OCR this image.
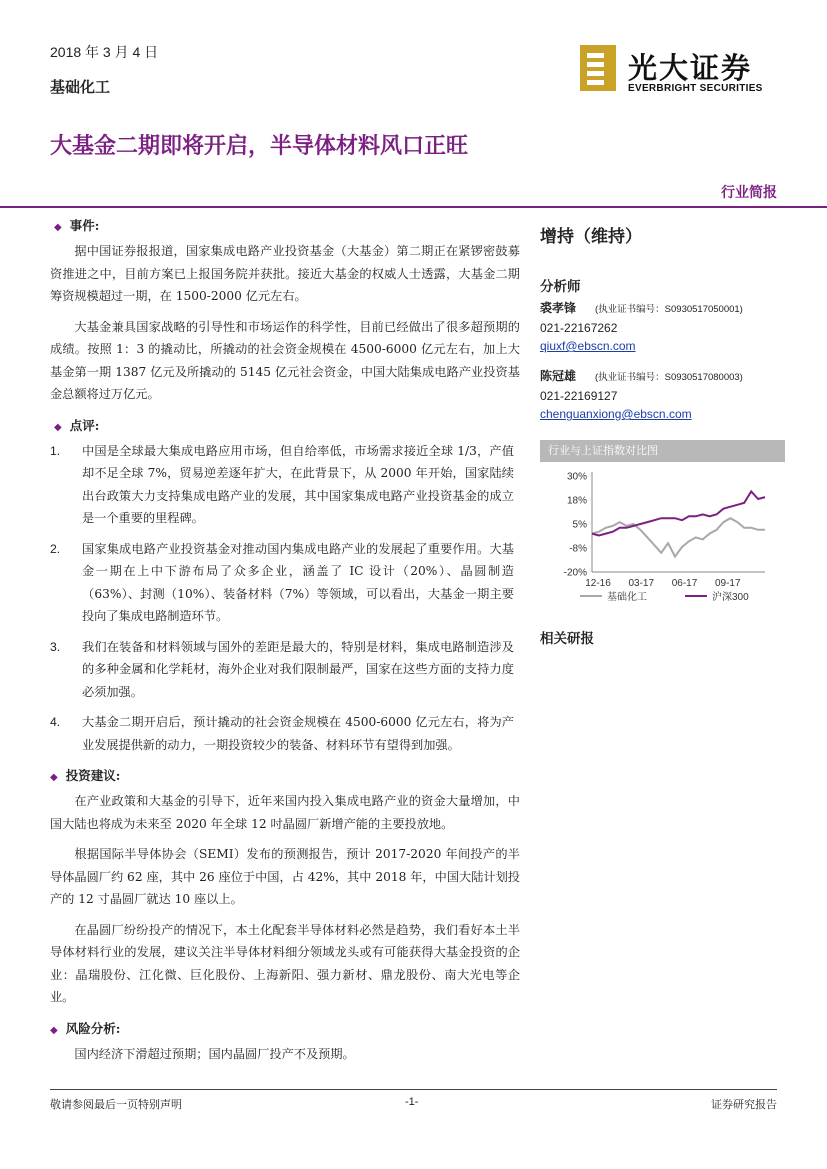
2018 年 3 月 4 日
基础化工
光大证券
EVERBRIGHT SECURITIES
大基金二期即将开启，半导体材料风口正旺
行业简报
◆ 事件:

据中国证券报报道，国家集成电路产业投资基金（大基金）第二期正在紧锣密鼓募资推进之中，目前方案已上报国务院并获批。接近大基金的权威人士透露，大基金二期筹资规模超过一期，在 1500-2000 亿元左右。

大基金兼具国家战略的引导性和市场运作的科学性，目前已经做出了很多超预期的成绩。按照 1：3 的撬动比，所撬动的社会资金规模在 4500-6000 亿元左右，加上大基金第一期 1387 亿元及所撬动的 5145 亿元社会资金，中国大陆集成电路产业投资基金总额将过万亿元。

◆ 点评:
1. 中国是全球最大集成电路应用市场，但自给率低，市场需求接近全球 1/3，产值却不足全球 7%，贸易逆差逐年扩大，在此背景下，从 2000 年开始，国家陆续出台政策大力支持集成电路产业的发展，其中国家集成电路产业投资基金的成立是一个重要的里程碑。
2. 国家集成电路产业投资基金对推动国内集成电路产业的发展起了重要作用。大基金一期在上中下游布局了众多企业，涵盖了 IC 设计（20%）、晶圆制造（63%）、封测（10%）、装备材料（7%）等领域，可以看出，大基金一期主要投向了集成电路制造环节。
3. 我们在装备和材料领域与国外的差距是最大的，特别是材料，集成电路制造涉及的多种金属和化学耗材，海外企业对我们限制最严，国家在这些方面的支持力度必须加强。
4. 大基金二期开启后，预计撬动的社会资金规模在 4500-6000 亿元左右，将为产业发展提供新的动力，一期投资较少的装备、材料环节有望得到加强。
◆ 投资建议:

在产业政策和大基金的引导下，近年来国内投入集成电路产业的资金大量增加，中国大陆也将成为未来至 2020 年全球 12 吋晶圆厂新增产能的主要投放地。

根据国际半导体协会（SEMI）发布的预测报告，预计 2017-2020 年间投产的半导体晶圆厂约 62 座，其中 26 座位于中国，占 42%，其中 2018 年，中国大陆计划投产的 12 寸晶圆厂就达 10 座以上。

在晶圆厂纷纷投产的情况下，本土化配套半导体材料必然是趋势，我们看好本土半导体材料行业的发展，建议关注半导体材料细分领域龙头或有可能获得大基金投资的企业：晶瑞股份、江化微、巨化股份、上海新阳、强力新材、鼎龙股份、南大光电等企业。

◆ 风险分析:

国内经济下滑超过预期；国内晶圆厂投产不及预期。

增持（维持）
分析师
裘孝锋 (执业证书编号：S0930517050001)
021-22167262
qiuxf@ebscn.com
陈冠雄 (执业证书编号：S0930517080003)
021-22169127
chenguanxiong@ebscn.com
行业与上证指数对比图
30%
18%
5%
-8%
-20%
12-16 03-17 06-17 09-17
基础化工	沪深300
相关研报
敬请参阅最后一页特别声明	-1-	证券研究报告
